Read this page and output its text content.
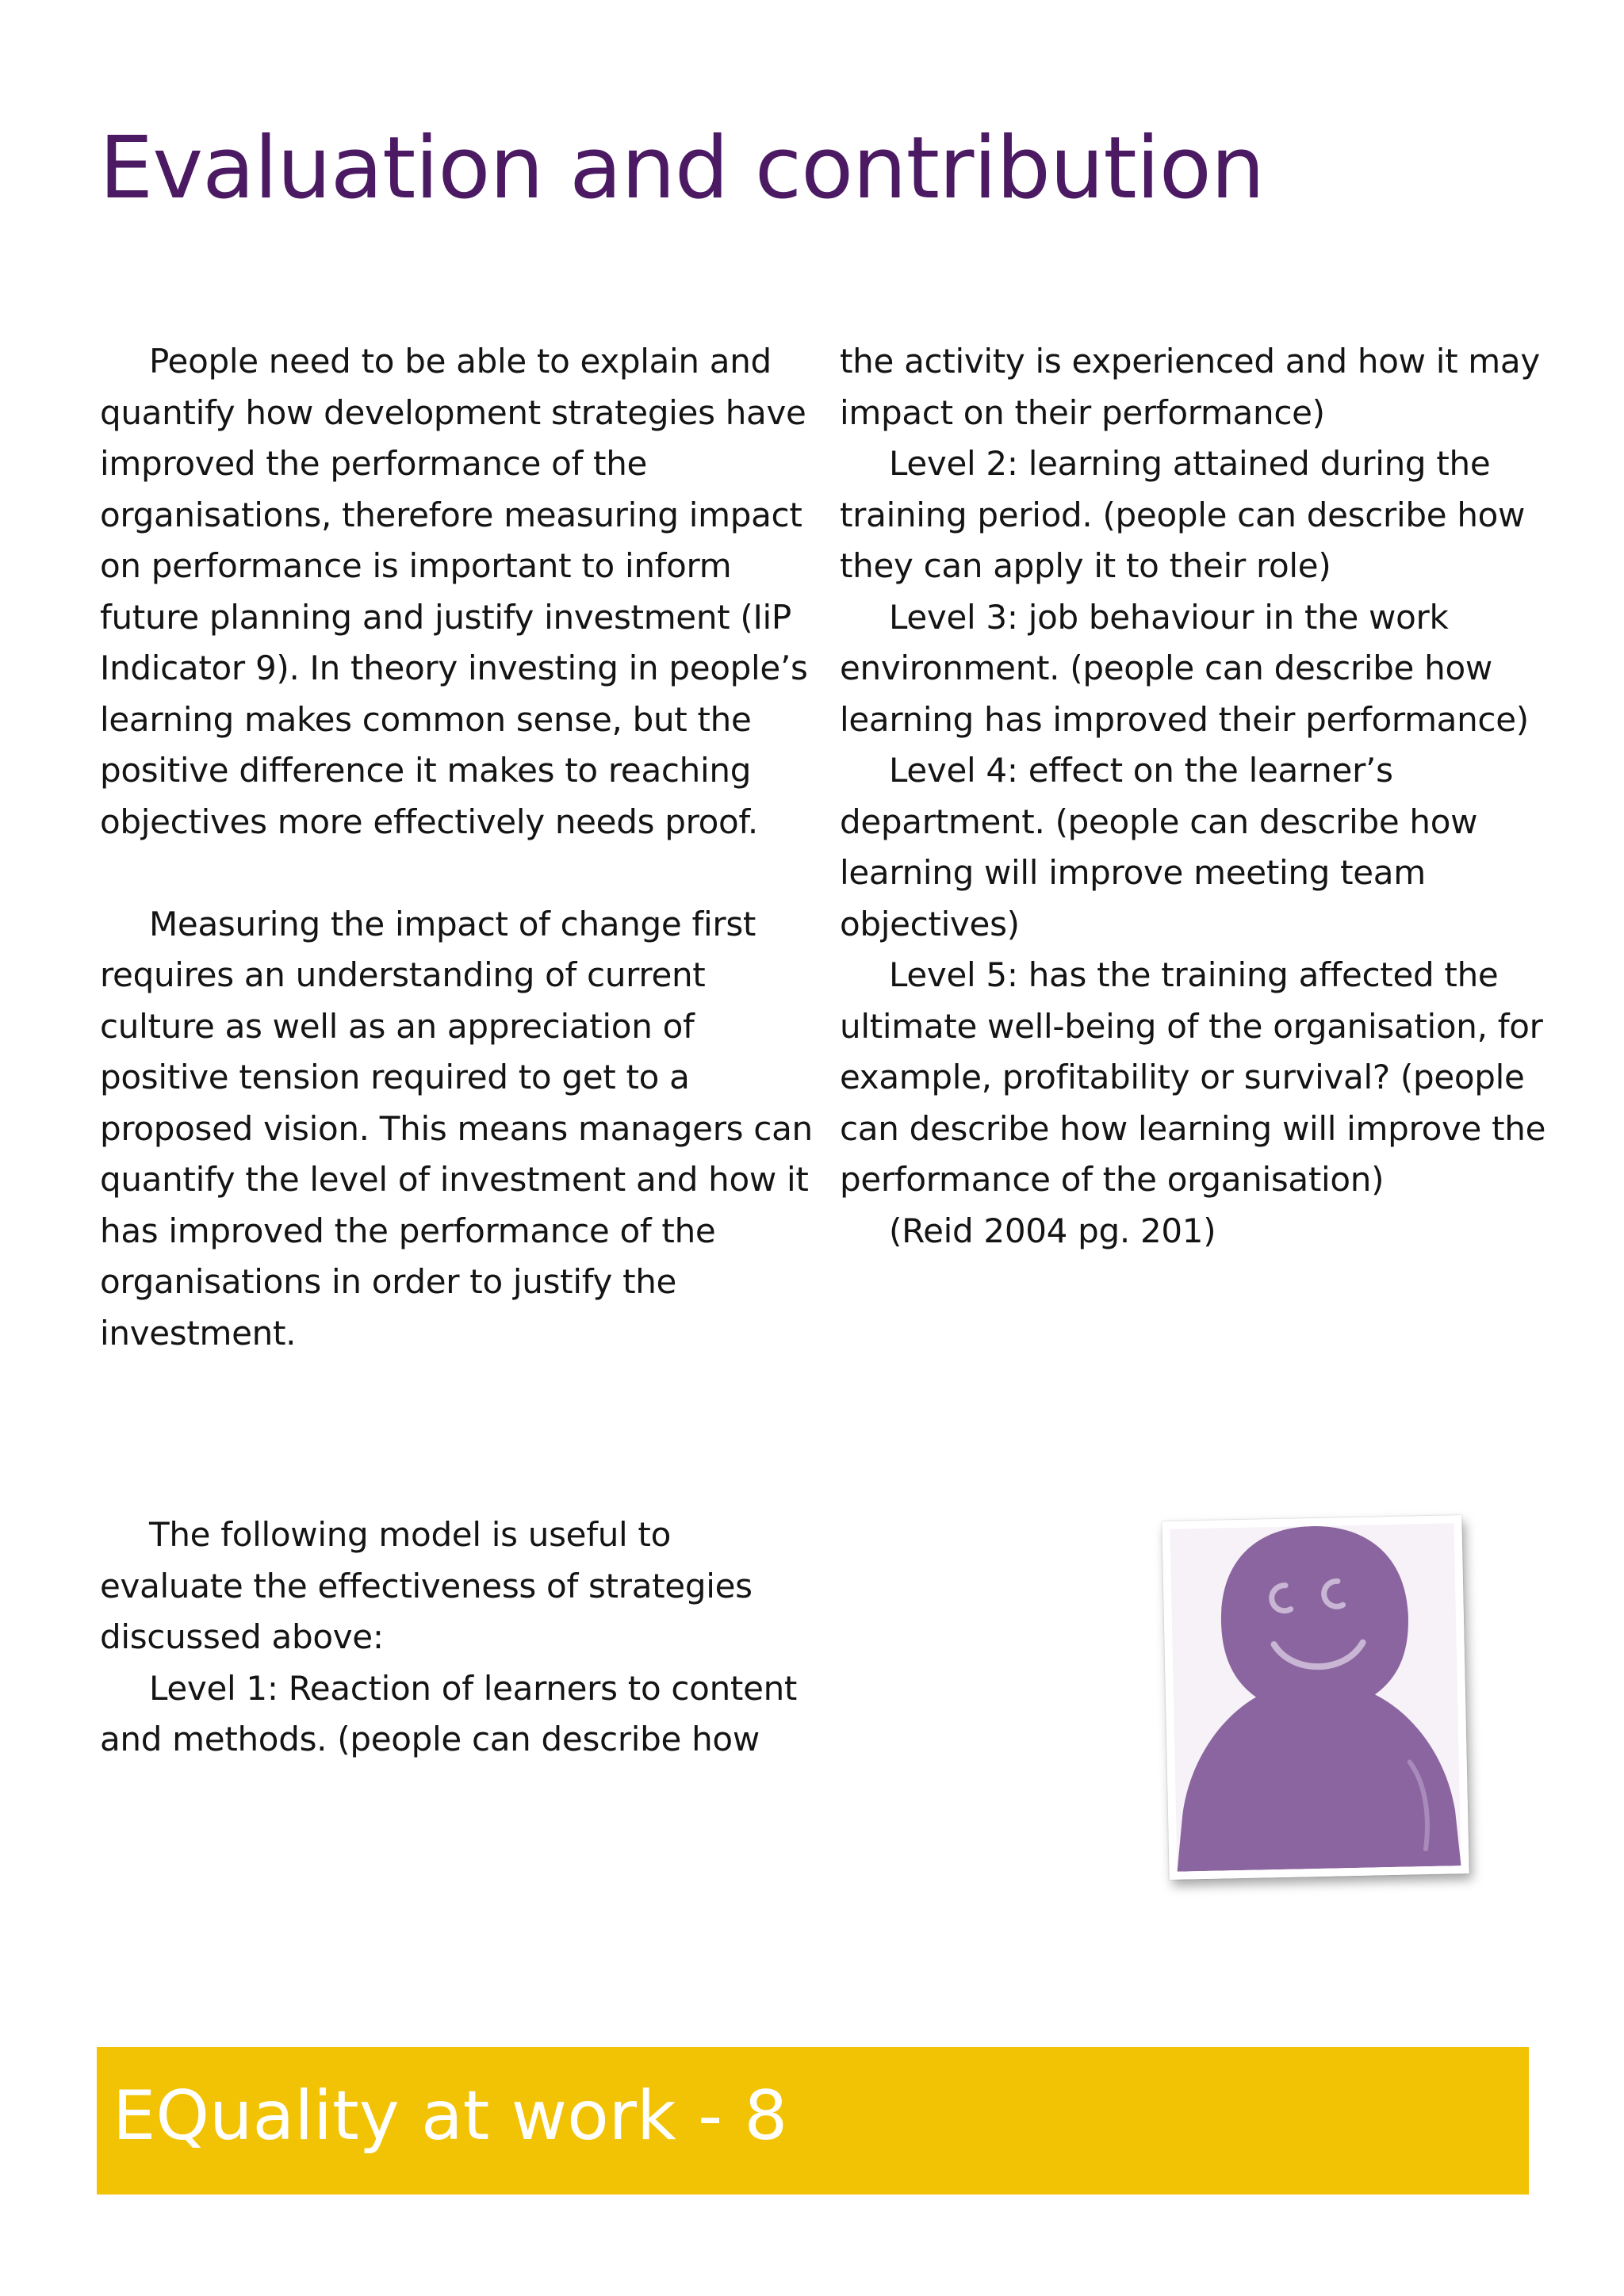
Evaluation and contribution

People need to be able to explain and quantify how development strategies have improved the performance of the organisations, therefore measuring impact on performance is important to inform future planning and justify investment (IiP Indicator 9). In theory investing in people’s learning makes common sense, but the positive difference it makes to reaching objectives more effectively needs proof.

Measuring the impact of change first requires an understanding of current culture as well as an appreciation of positive tension required to get to a proposed vision. This means managers can quantify the level of investment and how it has improved the performance of the organisations in order to justify the investment.

The following model is useful to evaluate the effectiveness of strategies discussed above:

Level 1: Reaction of learners to content and methods. (people can describe how

the activity is experienced and how it may impact on their performance)

Level 2: learning attained during the training period. (people can describe how they can apply it to their role)

Level 3: job behaviour in the work environment. (people can describe how learning has improved their performance)

Level 4: effect on the learner’s department. (people can describe how learning will improve meeting team objectives)

Level 5: has the training affected the ultimate well-being of the organisation, for example, profitability or survival? (people can describe how learning will improve the performance of the organisation)

(Reid 2004 pg. 201)

EQuality at work - 8
